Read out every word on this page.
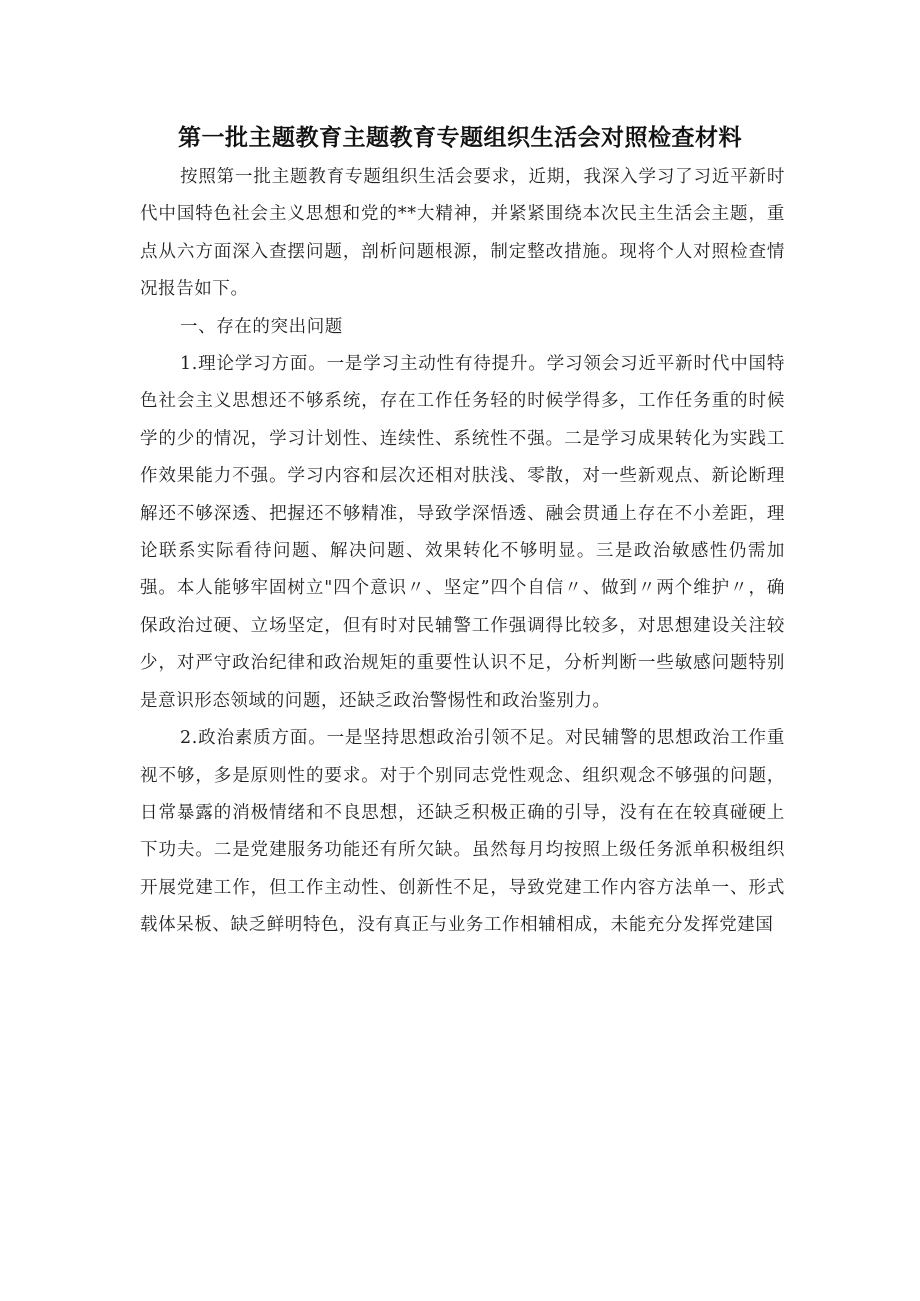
第一批主题教育主题教育专题组织生活会对照检查材料

按照第一批主题教育专题组织生活会要求，近期，我深入学习了习近平新时代中国特色社会主义思想和党的**大精神，并紧紧围绕本次民主生活会主题，重点从六方面深入查摆问题，剖析问题根源，制定整改措施。现将个人对照检查情况报告如下。

一、存在的突出问题

1.理论学习方面。一是学习主动性有待提升。学习领会习近平新时代中国特色社会主义思想还不够系统，存在工作任务轻的时候学得多，工作任务重的时候学的少的情况，学习计划性、连续性、系统性不强。二是学习成果转化为实践工作效果能力不强。学习内容和层次还相对肤浅、零散，对一些新观点、新论断理解还不够深透、把握还不够精准，导致学深悟透、融会贯通上存在不小差距，理论联系实际看待问题、解决问题、效果转化不够明显。三是政治敏感性仍需加强。本人能够牢固树立"四个意识〃、坚定”四个自信〃、做到〃两个维护〃，确保政治过硬、立场坚定，但有时对民辅警工作强调得比较多，对思想建设关注较少，对严守政治纪律和政治规矩的重要性认识不足，分析判断一些敏感问题特别是意识形态领域的问题，还缺乏政治警惕性和政治鉴别力。

2.政治素质方面。一是坚持思想政治引领不足。对民辅警的思想政治工作重视不够，多是原则性的要求。对于个别同志党性观念、组织观念不够强的问题，日常暴露的消极情绪和不良思想，还缺乏积极正确的引导，没有在在较真碰硬上下功夫。二是党建服务功能还有所欠缺。虽然每月均按照上级任务派单积极组织开展党建工作，但工作主动性、创新性不足，导致党建工作内容方法单一、形式载体呆板、缺乏鲜明特色，没有真正与业务工作相辅相成，未能充分发挥党建国
